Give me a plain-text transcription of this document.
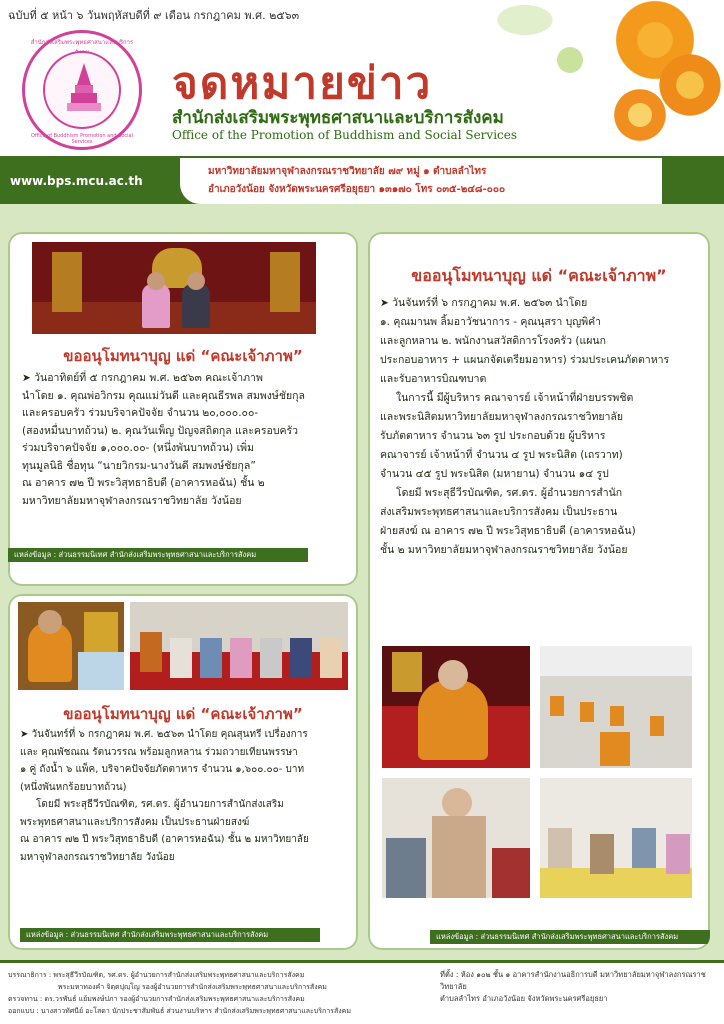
ฉบับที่ ๕ หน้า ๖ วันพฤหัสบดีที่ ๙ เดือน กรกฎาคม พ.ศ. ๒๕๖๓
สำนักส่งเสริมพระพุทธศาสนาและบริการ
Office of Buddhism Promotion and Social Services
จดหมายข่าว
สำนักส่งเสริมพระพุทธศาสนาและบริการสังคม
Office of the Promotion of Buddhism and Social Services
www.bps.mcu.ac.th
มหาวิทยาลัยมหาจุฬาลงกรณราชวิทยาลัย ๗๙ หมู่ ๑ ตำบลลำไทร
อำเภอวังน้อย จังหวัดพระนครศรีอยุธยา ๑๓๑๗๐ โทร ๐๓๕-๒๔๘-๐๐๐
ขออนุโมทนาบุญ แด่ “คณะเจ้าภาพ”

➤ วันอาทิตย์ที่ ๕ กรกฎาคม พ.ศ. ๒๕๖๓ คณะเจ้าภาพ

นำโดย ๑. คุณพ่อวิกรม คุณแม่วันดี และคุณธีรพล สมพงษ์ชัยกุล

และครอบครัว ร่วมบริจาคปัจจัย จำนวน ๒๐,๐๐๐.๐๐-

(สองหมื่นบาทถ้วน) ๒. คุณวันเพ็ญ ปัญจสถิตกุล และครอบครัว

ร่วมบริจาคปัจจัย ๑,๐๐๐.๐๐- (หนึ่งพันบาทถ้วน) เพิ่ม

ทุนมูลนิธิ ชื่อทุน “นายวิกรม-นางวันดี สมพงษ์ชัยกุล”

ณ อาคาร ๗๒ ปี พระวิสุทธาธิบดี (อาคารหอฉัน) ชั้น ๒

มหาวิทยาลัยมหาจุฬาลงกรณราชวิทยาลัย วังน้อย

แหล่งข้อมูล : ส่วนธรรมนิเทศ สำนักส่งเสริมพระพุทธศาสนาและบริการสังคม
ขออนุโมทนาบุญ แด่ “คณะเจ้าภาพ”

➤ วันจันทร์ที่ ๖ กรกฎาคม พ.ศ. ๒๕๖๓ นำโดย คุณสุนทรี เปรื่องการ

และ คุณพัชณณ รัตนวรรณ พร้อมลูกหลาน ร่วมถวายเทียนพรรษา

๑ คู่ ถังน้ำ ๖ แพ็ค, บริจาคปัจจัยภัตตาหาร จำนวน ๑,๖๐๐.๐๐- บาท

(หนึ่งพันหกร้อยบาทถ้วน)

โดยมี พระสุธีวีรบัณฑิต, รศ.ดร. ผู้อำนวยการสำนักส่งเสริม

พระพุทธศาสนาและบริการสังคม เป็นประธานฝ่ายสงฆ์

ณ อาคาร ๗๒ ปี พระวิสุทธาธิบดี (อาคารหอฉัน) ชั้น ๒ มหาวิทยาลัย

มหาจุฬาลงกรณราชวิทยาลัย วังน้อย

แหล่งข้อมูล : ส่วนธรรมนิเทศ สำนักส่งเสริมพระพุทธศาสนาและบริการสังคม
ขออนุโมทนาบุญ แด่ “คณะเจ้าภาพ”

➤ วันจันทร์ที่ ๖ กรกฎาคม พ.ศ. ๒๕๖๓ นำโดย

๑. คุณมานพ ลิ้มอาวัชนาการ - คุณนุสรา บุญพิคำ

และลูกหลาน ๒. พนักงานสวัสดิการโรงครัว (แผนก

ประกอบอาหาร + แผนกจัดเตรียมอาหาร) ร่วมประเคนภัตตาหาร

และรับอาหารบิณฑบาต

ในการนี้ มีผู้บริหาร คณาจารย์ เจ้าหน้าที่ฝ่ายบรรพชิต

และพระนิสิตมหาวิทยาลัยมหาจุฬาลงกรณราชวิทยาลัย

รับภัตตาหาร จำนวน ๖๓ รูป ประกอบด้วย ผู้บริหาร

คณาจารย์ เจ้าหน้าที่ จำนวน ๔ รูป พระนิสิต (เถรวาท)

จำนวน ๔๕ รูป พระนิสิต (มหายาน) จำนวน ๑๔ รูป

โดยมี พระสุธีวีรบัณฑิต, รศ.ดร. ผู้อำนวยการสำนัก

ส่งเสริมพระพุทธศาสนาและบริการสังคม เป็นประธาน

ฝ่ายสงฆ์ ณ อาคาร ๗๒ ปี พระวิสุทธาธิบดี (อาคารหอฉัน)

ชั้น ๒ มหาวิทยาลัยมหาจุฬาลงกรณราชวิทยาลัย วังน้อย

แหล่งข้อมูล : ส่วนธรรมนิเทศ สำนักส่งเสริมพระพุทธศาสนาและบริการสังคม
บรรณาธิการ : พระสุธีวีรบัณฑิต, รศ.ดร. ผู้อำนวยการสำนักส่งเสริมพระพุทธศาสนาและบริการสังคม
พระมหาทองคำ จิตฺตปุญฺโญ รองผู้อำนวยการสำนักส่งเสริมพระพุทธศาสนาและบริการสังคม
ตรวจทาน : ดร.วรพันธ์ แย้มพงษ์ปภา รองผู้อำนวยการสำนักส่งเสริมพระพุทธศาสนาและบริการสังคม
ออกแบบ : นางสาวทัศนีย์ อะโสดา นักประชาสัมพันธ์ ส่วนงานบริหาร สำนักส่งเสริมพระพุทธศาสนาและบริการสังคม
ที่ตั้ง : ห้อง ๑๐๒ ชั้น ๑ อาคารสำนักงานอธิการบดี มหาวิทยาลัยมหาจุฬาลงกรณราชวิทยาลัย
ตำบลลำไทร อำเภอวังน้อย จังหวัดพระนครศรีอยุธยา
